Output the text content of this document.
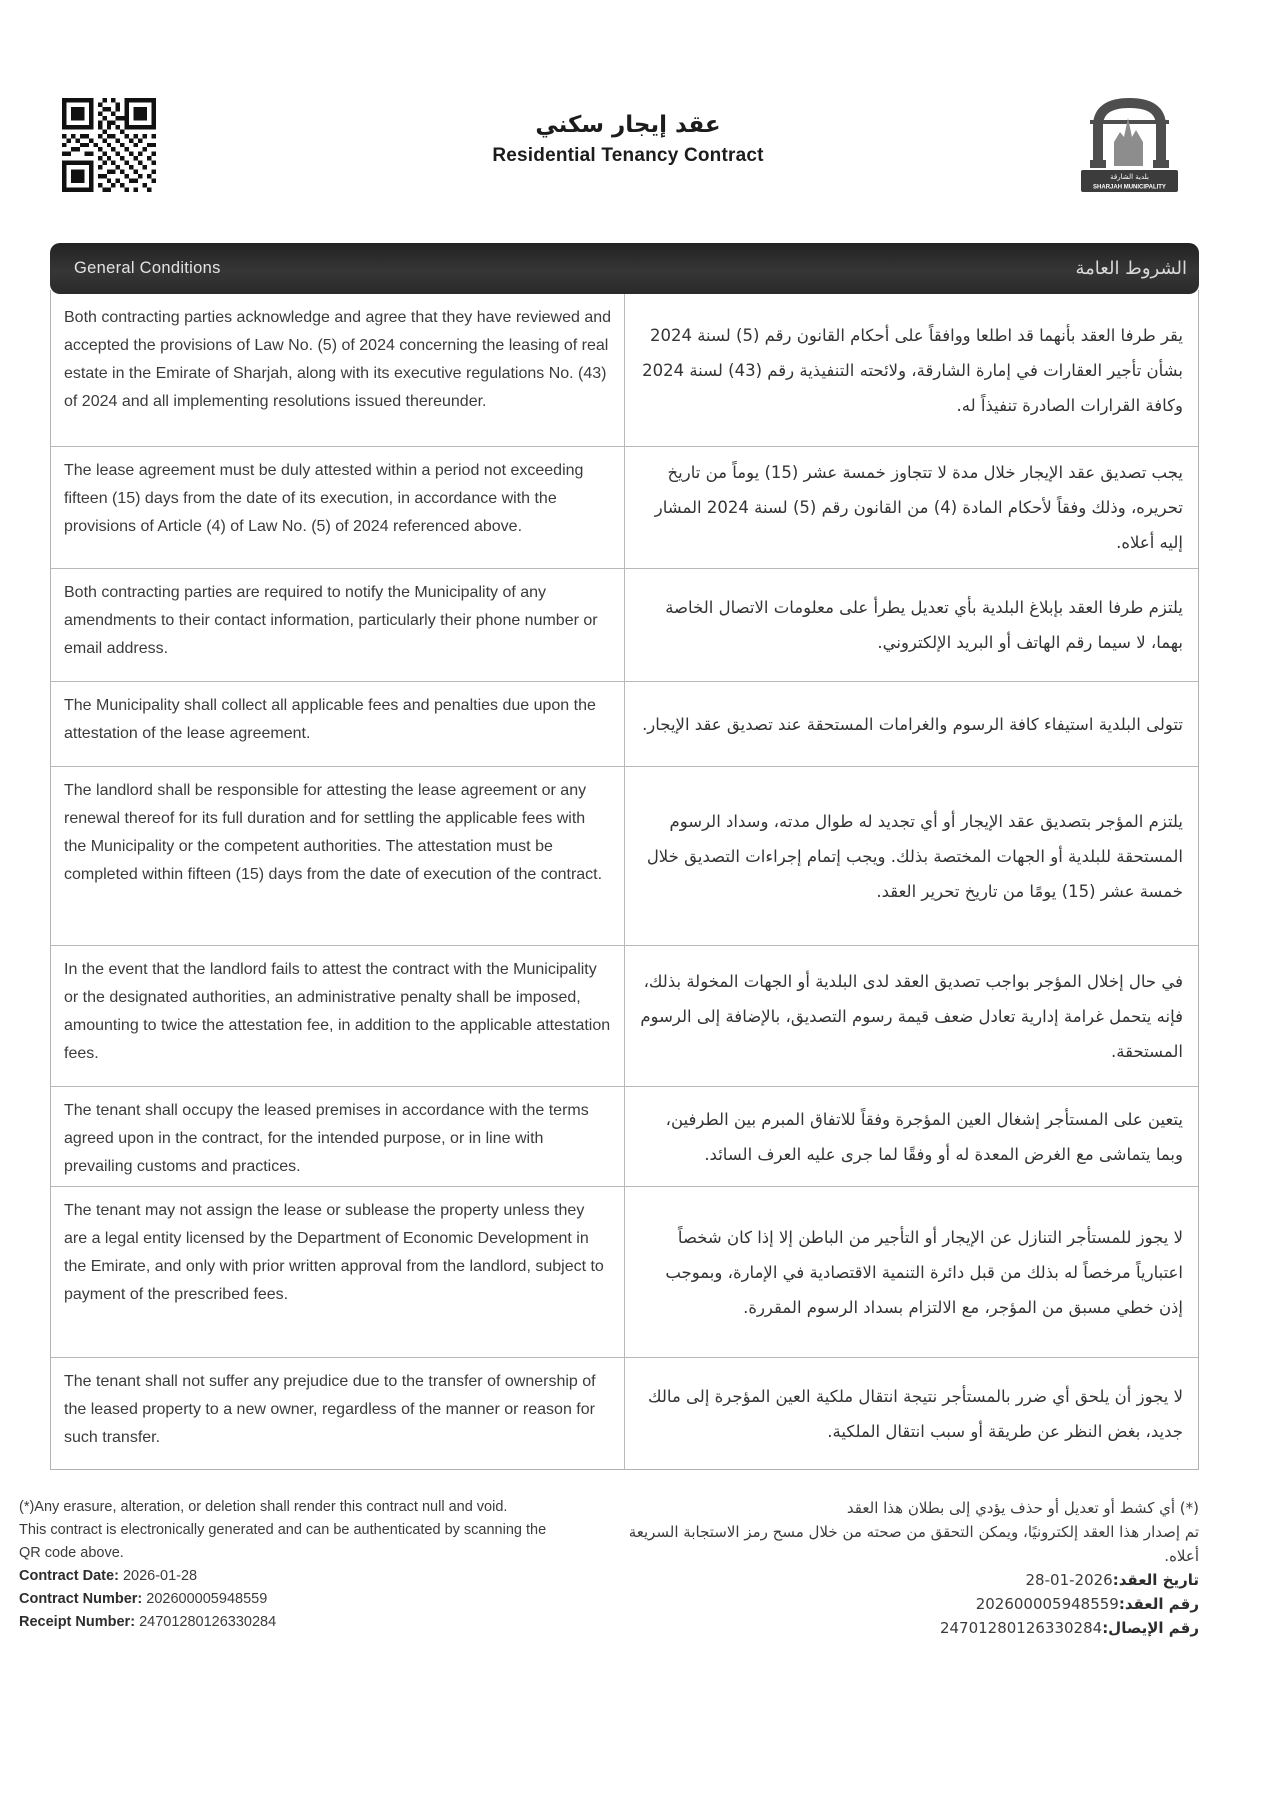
عقد إيجار سكني
Residential Tenancy Contract
بلدية الشارقة
SHARJAH MUNICIPALITY
General Conditions	الشروط العامة
Both contracting parties acknowledge and agree that they have reviewed and accepted the provisions of Law No. (5) of 2024 concerning the leasing of real estate in the Emirate of Sharjah, along with its executive regulations No. (43) of 2024 and all implementing resolutions issued thereunder.
يقر طرفا العقد بأنهما قد اطلعا ووافقاً على أحكام القانون رقم (5) لسنة 2024 بشأن تأجير العقارات في إمارة الشارقة، ولائحته التنفيذية رقم (43) لسنة 2024 وكافة القرارات الصادرة تنفيذاً له.
The lease agreement must be duly attested within a period not exceeding fifteen (15) days from the date of its execution, in accordance with the provisions of Article (4) of Law No. (5) of 2024 referenced above.
يجب تصديق عقد الإيجار خلال مدة لا تتجاوز خمسة عشر (15) يوماً من تاريخ تحريره، وذلك وفقاً لأحكام المادة (4) من القانون رقم (5) لسنة 2024 المشار إليه أعلاه.
Both contracting parties are required to notify the Municipality of any amendments to their contact information, particularly their phone number or email address.
يلتزم طرفا العقد بإبلاغ البلدية بأي تعديل يطرأ على معلومات الاتصال الخاصة بهما، لا سيما رقم الهاتف أو البريد الإلكتروني.
The Municipality shall collect all applicable fees and penalties due upon the attestation of the lease agreement.	تتولى البلدية استيفاء كافة الرسوم والغرامات المستحقة عند تصديق عقد الإيجار.
The landlord shall be responsible for attesting the lease agreement or any renewal thereof for its full duration and for settling the applicable fees with the Municipality or the competent authorities. The attestation must be completed within fifteen (15) days from the date of execution of the contract.
يلتزم المؤجر بتصديق عقد الإيجار أو أي تجديد له طوال مدته، وسداد الرسوم المستحقة للبلدية أو الجهات المختصة بذلك. ويجب إتمام إجراءات التصديق خلال خمسة عشر (15) يومًا من تاريخ تحرير العقد.
In the event that the landlord fails to attest the contract with the Municipality or the designated authorities, an administrative penalty shall be imposed, amounting to twice the attestation fee, in addition to the applicable attestation fees.
في حال إخلال المؤجر بواجب تصديق العقد لدى البلدية أو الجهات المخولة بذلك، فإنه يتحمل غرامة إدارية تعادل ضعف قيمة رسوم التصديق، بالإضافة إلى الرسوم المستحقة.
The tenant shall occupy the leased premises in accordance with the terms agreed upon in the contract, for the intended purpose, or in line with prevailing customs and practices.
يتعين على المستأجر إشغال العين المؤجرة وفقاً للاتفاق المبرم بين الطرفين، وبما يتماشى مع الغرض المعدة له أو وفقًا لما جرى عليه العرف السائد.
The tenant may not assign the lease or sublease the property unless they are a legal entity licensed by the Department of Economic Development in the Emirate, and only with prior written approval from the landlord, subject to payment of the prescribed fees.
لا يجوز للمستأجر التنازل عن الإيجار أو التأجير من الباطن إلا إذا كان شخصاً اعتبارياً مرخصاً له بذلك من قبل دائرة التنمية الاقتصادية في الإمارة، وبموجب إذن خطي مسبق من المؤجر، مع الالتزام بسداد الرسوم المقررة.
The tenant shall not suffer any prejudice due to the transfer of ownership of the leased property to a new owner, regardless of the manner or reason for such transfer.
لا يجوز أن يلحق أي ضرر بالمستأجر نتيجة انتقال ملكية العين المؤجرة إلى مالك جديد، بغض النظر عن طريقة أو سبب انتقال الملكية.

(*)Any erasure, alteration, or deletion shall render this contract null and void.

This contract is electronically generated and can be authenticated by scanning the QR code above.

Contract Date: 2026-01-28

Contract Number: 202600005948559

Receipt Number: 24701280126330284

(*) أي كشط أو تعديل أو حذف يؤدي إلى بطلان هذا العقد

تم إصدار هذا العقد إلكترونيًا، ويمكن التحقق من صحته من خلال مسح رمز الاستجابة السريعة أعلاه.

تاريخ العقد:2026-01-28

رقم العقد:202600005948559

رقم الإيصال:24701280126330284
